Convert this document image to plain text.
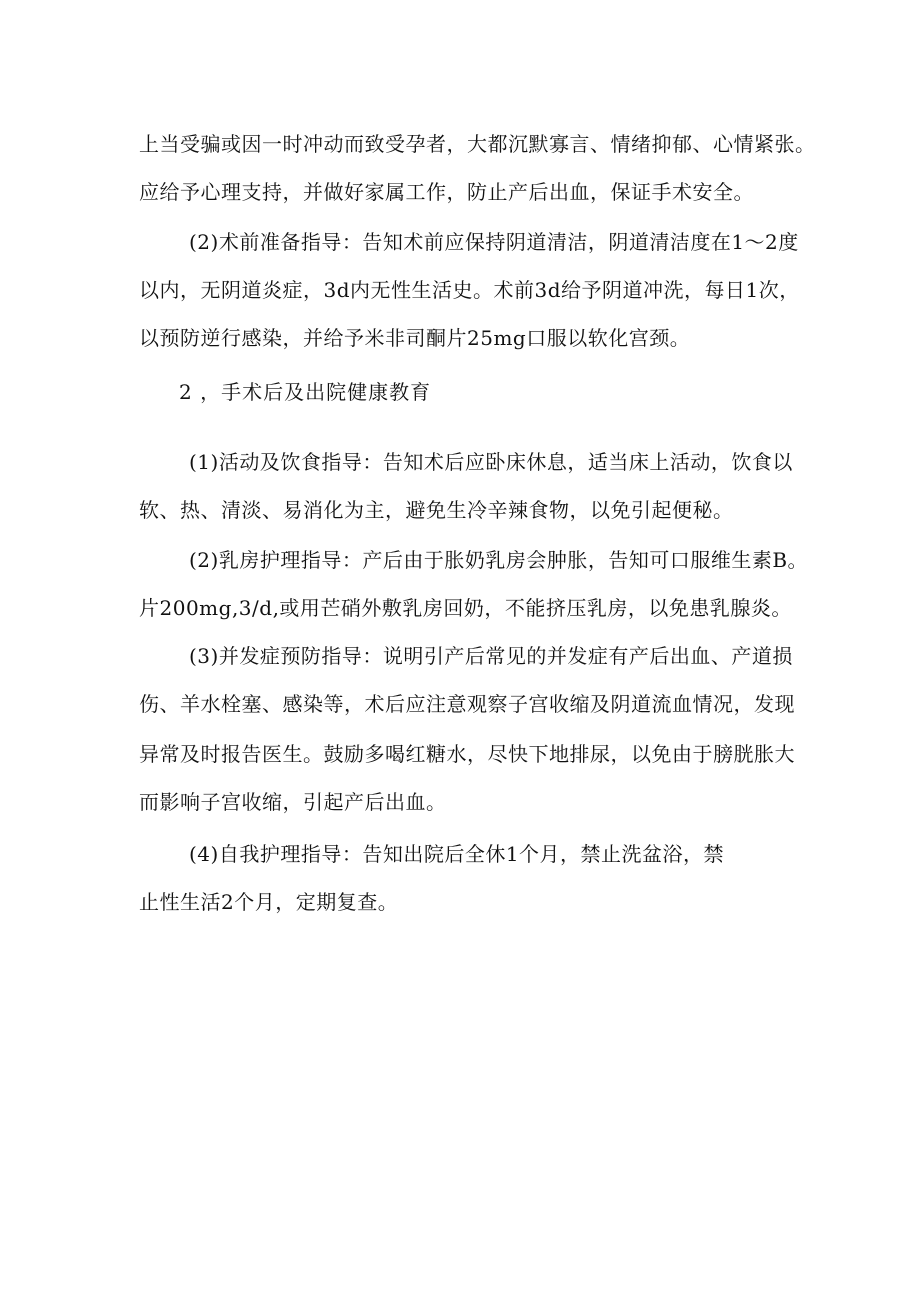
上当受骗或因一时冲动而致受孕者，大都沉默寡言、情绪抑郁、心情紧张。

应给予心理支持，并做好家属工作，防止产后出血，保证手术安全。

(2)术前准备指导：告知术前应保持阴道清洁，阴道清洁度在1～2度

以内，无阴道炎症，3d内无性生活史。术前3d给予阴道冲洗，每日1次，

以预防逆行感染，并给予米非司酮片25mg口服以软化宫颈。

2 ，手术后及出院健康教育

(1)活动及饮食指导：告知术后应卧床休息，适当床上活动，饮食以

软、热、清淡、易消化为主，避免生冷辛辣食物，以免引起便秘。

(2)乳房护理指导：产后由于胀奶乳房会肿胀，告知可口服维生素B。

片200mg,3∕d,或用芒硝外敷乳房回奶，不能挤压乳房，以免患乳腺炎。

(3)并发症预防指导：说明引产后常见的并发症有产后出血、产道损

伤、羊水栓塞、感染等，术后应注意观察子宫收缩及阴道流血情况，发现

异常及时报告医生。鼓励多喝红糖水，尽快下地排尿，以免由于膀胱胀大

而影响子宫收缩，引起产后出血。

(4)自我护理指导：告知出院后全休1个月，禁止洗盆浴，禁

止性生活2个月，定期复查。
